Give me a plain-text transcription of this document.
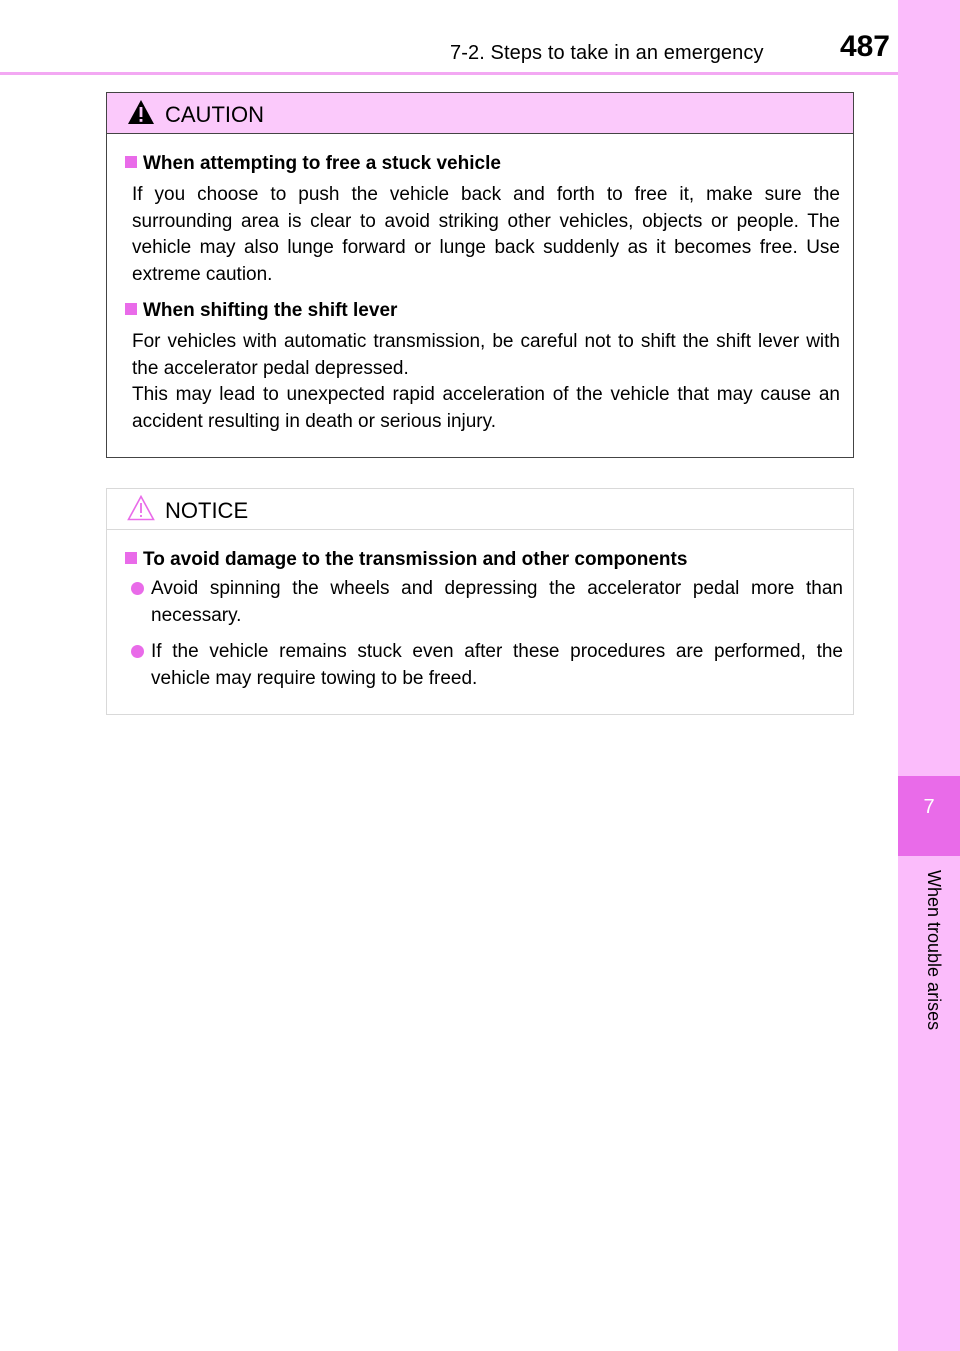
7-2. Steps to take in an emergency	487
7
When trouble arises
CAUTION
When attempting to free a stuck vehicle
If you choose to push the vehicle back and forth to free it, make sure the surrounding area is clear to avoid striking other vehicles, objects or people. The vehicle may also lunge forward or lunge back suddenly as it becomes free. Use extreme caution.
When shifting the shift lever
For vehicles with automatic transmission, be careful not to shift the shift lever with the accelerator pedal depressed.
This may lead to unexpected rapid acceleration of the vehicle that may cause an accident resulting in death or serious injury.
NOTICE
To avoid damage to the transmission and other components
Avoid spinning the wheels and depressing the accelerator pedal more than necessary.
If the vehicle remains stuck even after these procedures are performed, the vehicle may require towing to be freed.
